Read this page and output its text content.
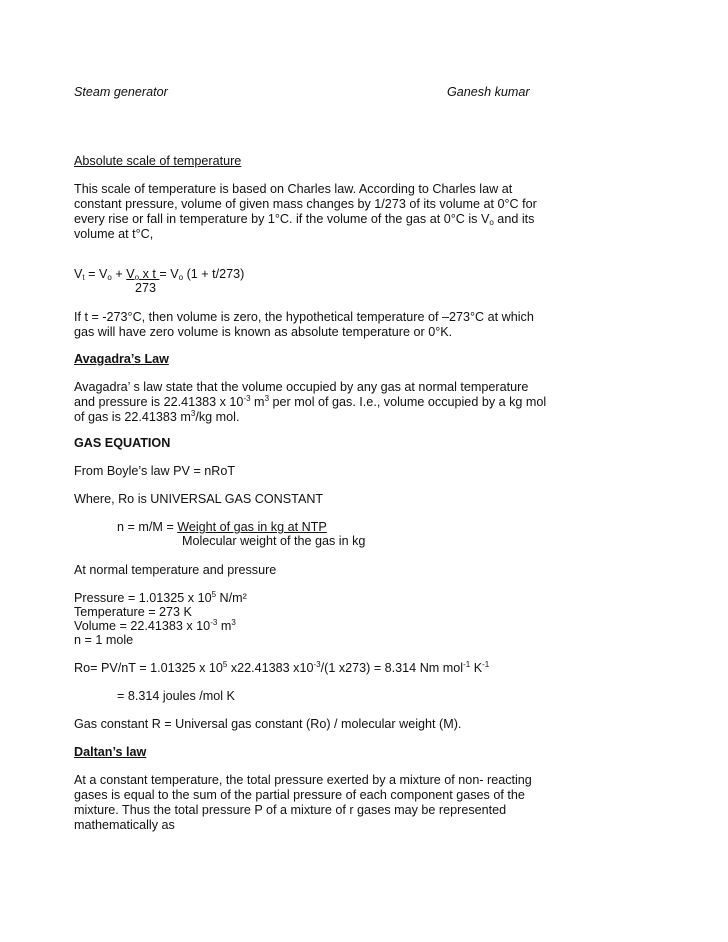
Steam generator	Ganesh kumar
Absolute scale of temperature
This scale of temperature is based on Charles law. According to Charles law at
constant pressure, volume of given mass changes by 1/273 of its volume at 0°C for
every rise or fall in temperature by 1°C. if the volume of the gas at 0°C is $V_o$ and its
volume at t°C,
$V_t = V_o + V_o$ x $t = V_o$ (1 + t/273)
273
If t = -273°C, then volume is zero, the hypothetical temperature of –273°C at which
gas will have zero volume is known as absolute temperature or 0°K.
Avagadra’s Law
Avagadra’ s law state that the volume occupied by any gas at normal temperature
and pressure is 22.41383 x $10^{-3}$ $m^3$ per mol of gas. I.e., volume occupied by a kg mol
of gas is 22.41383 $m^3/kg$ mol.
GAS EQUATION
From Boyle’s law PV = nRoT
Where, Ro is UNIVERSAL GAS CONSTANT
n = m/M = Weight of gas in kg at NTP
Molecular weight of the gas in kg
At normal temperature and pressure
Pressure = 1.01325 x $10^5$ N/m²
Temperature = 273 K
Volume = 22.41383 x $10^{-3}$ $m^3$
n = 1 mole
Ro= PV/nT = 1.01325 x $10^5$ x22.41383 $x10^{-3}/(1$ x273) = 8.314 Nm mol$^{-1}$ $K^{-1}$
= 8.314 joules /mol K
Gas constant R = Universal gas constant (Ro) / molecular weight (M).
Daltan’s law
At a constant temperature, the total pressure exerted by a mixture of non- reacting
gases is equal to the sum of the partial pressure of each component gases of the
mixture. Thus the total pressure P of a mixture of r gases may be represented
mathematically as
